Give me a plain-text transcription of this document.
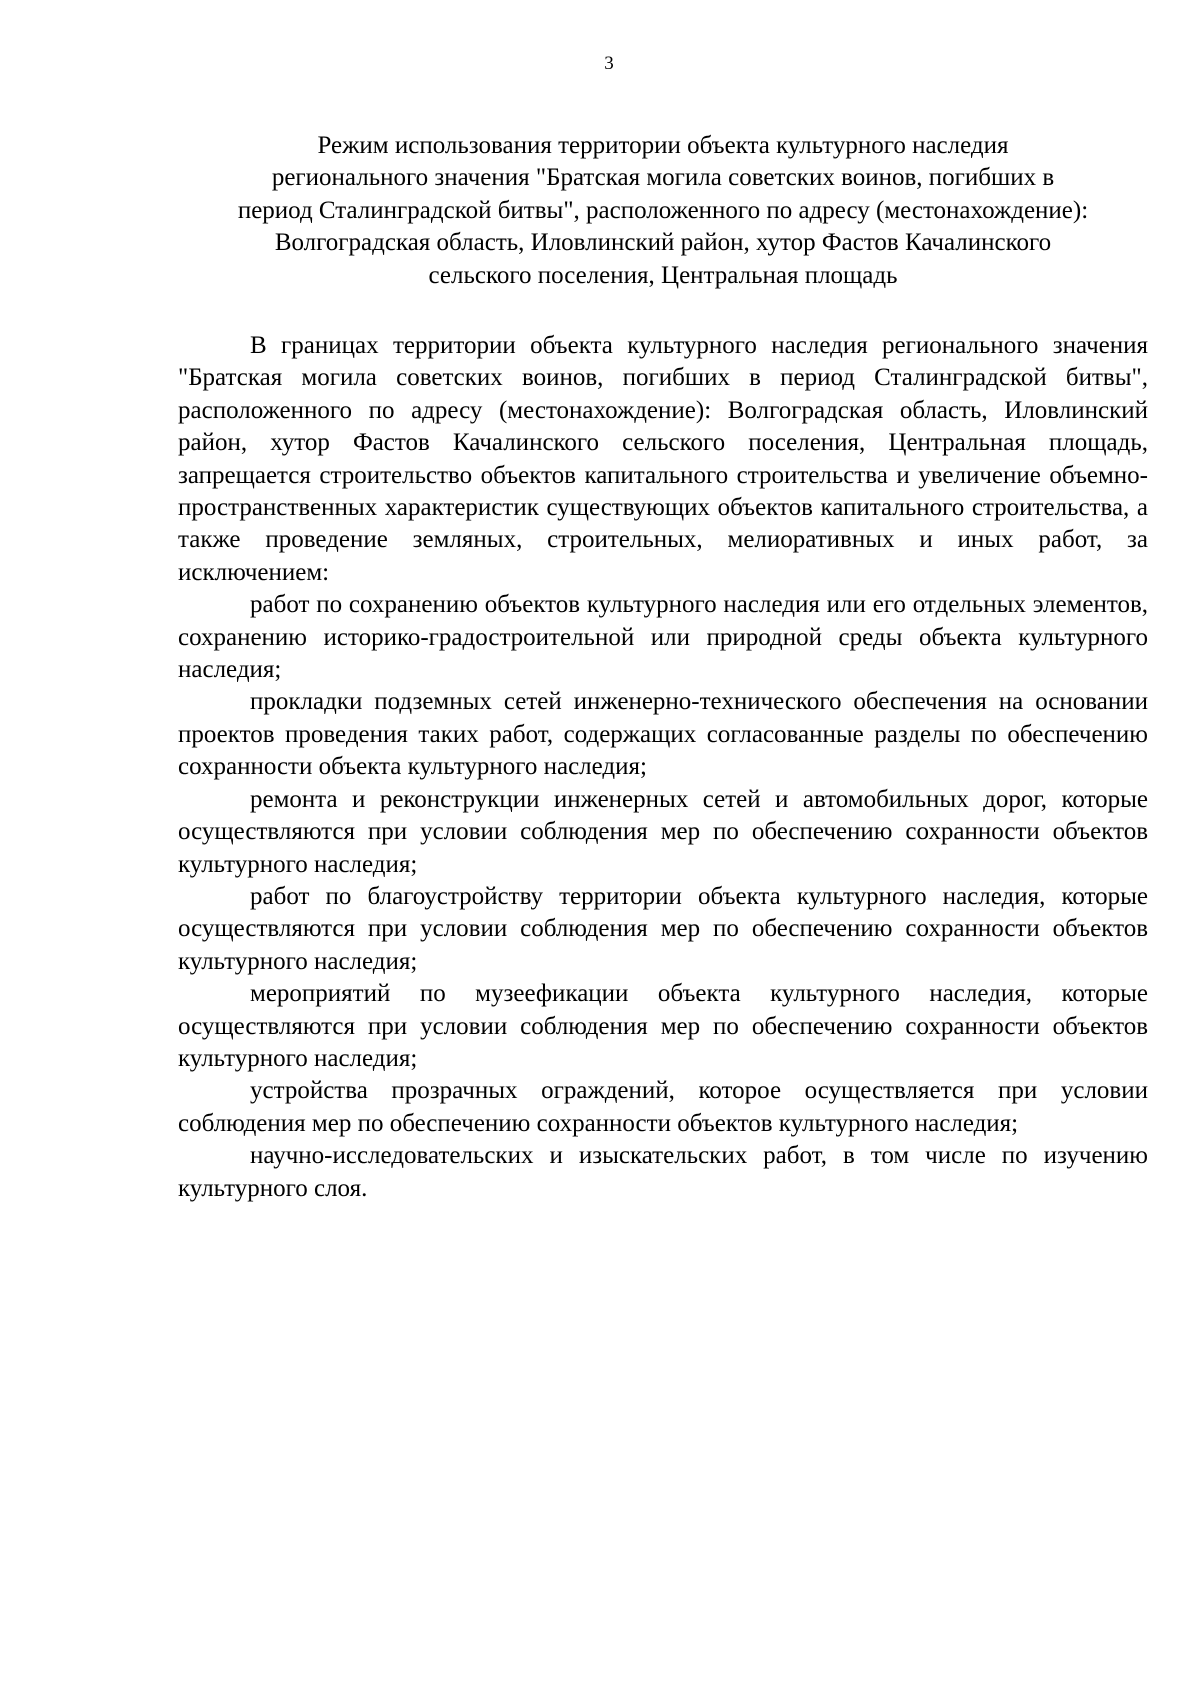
3
Режим использования территории объекта культурного наследия
регионального значения "Братская могила советских воинов, погибших в
период Сталинградской битвы", расположенного по адресу (местонахождение):
Волгоградская область, Иловлинский район, хутор Фастов Качалинского
сельского поселения, Центральная площадь

В границах территории объекта культурного наследия регионального значения "Братская могила советских воинов, погибших в период Сталинградской битвы", расположенного по адресу (местонахождение): Волгоградская область, Иловлинский район, хутор Фастов Качалинского сельского поселения, Центральная площадь, запрещается строительство объектов капитального строительства и увеличение объемно-пространственных характеристик существующих объектов капитального строительства, а также проведение земляных, строительных, мелиоративных и иных работ, за исключением:

работ по сохранению объектов культурного наследия или его отдельных элементов, сохранению историко-градостроительной или природной среды объекта культурного наследия;

прокладки подземных сетей инженерно-технического обеспечения на основании проектов проведения таких работ, содержащих согласованные разделы по обеспечению сохранности объекта культурного наследия;

ремонта и реконструкции инженерных сетей и автомобильных дорог, которые осуществляются при условии соблюдения мер по обеспечению сохранности объектов культурного наследия;

работ по благоустройству территории объекта культурного наследия, которые осуществляются при условии соблюдения мер по обеспечению сохранности объектов культурного наследия;

мероприятий по музеефикации объекта культурного наследия, которые осуществляются при условии соблюдения мер по обеспечению сохранности объектов культурного наследия;

устройства прозрачных ограждений, которое осуществляется при условии соблюдения мер по обеспечению сохранности объектов культурного наследия;

научно-исследовательских и изыскательских работ, в том числе по изучению культурного слоя.
